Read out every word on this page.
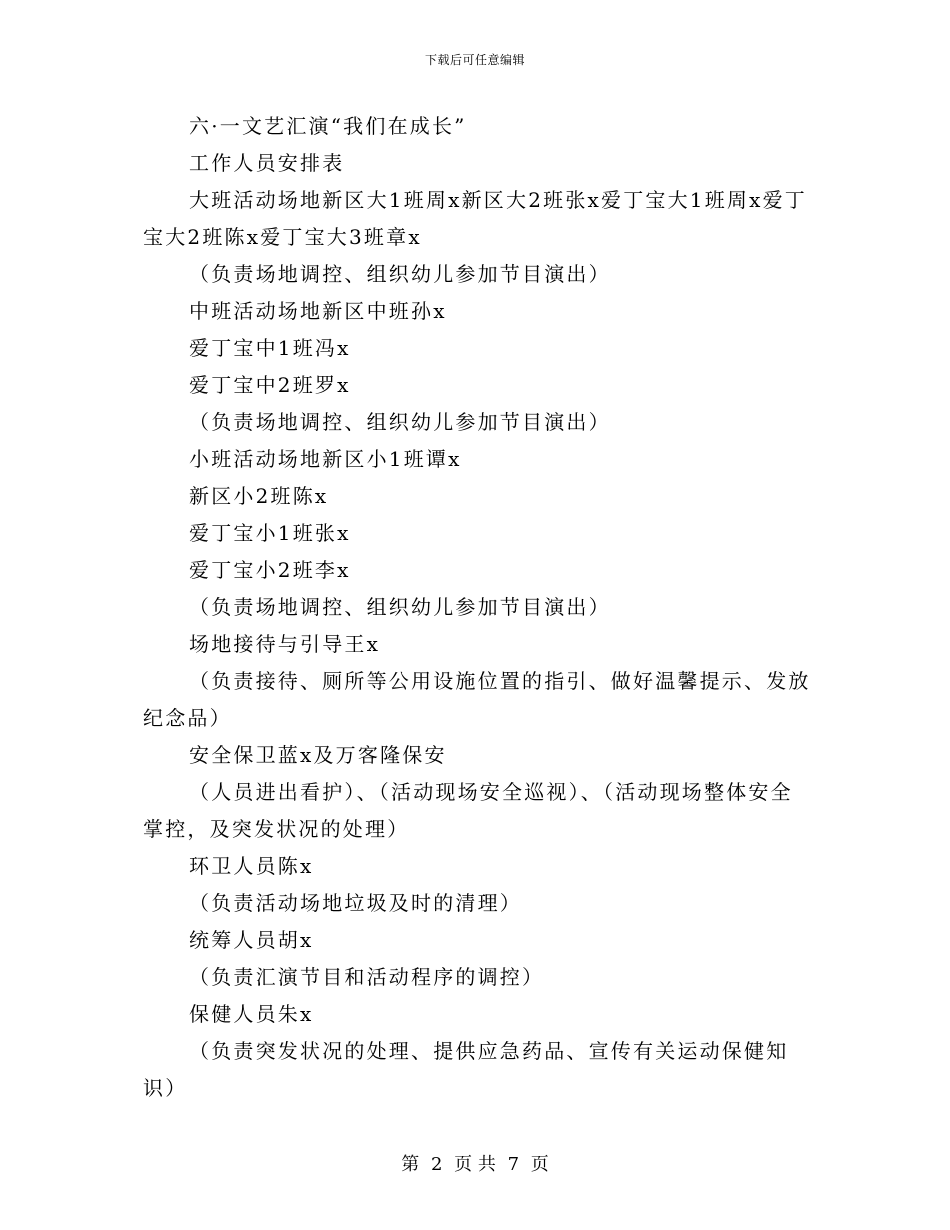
下载后可任意编辑

六·一文艺汇演“我们在成长”

工作人员安排表

大班活动场地新区大1班周x新区大2班张x爱丁宝大1班周x爱丁宝大2班陈x爱丁宝大3班章x

（负责场地调控、组织幼儿参加节目演出）

中班活动场地新区中班孙x

爱丁宝中1班冯x

爱丁宝中2班罗x

（负责场地调控、组织幼儿参加节目演出）

小班活动场地新区小1班谭x

新区小2班陈x

爱丁宝小1班张x

爱丁宝小2班李x

（负责场地调控、组织幼儿参加节目演出）

场地接待与引导王x

（负责接待、厕所等公用设施位置的指引、做好温馨提示、发放纪念品）

安全保卫蓝x及万客隆保安

（人员进出看护）、（活动现场安全巡视）、（活动现场整体安全掌控，及突发状况的处理）

环卫人员陈x

（负责活动场地垃圾及时的清理）

统筹人员胡x

（负责汇演节目和活动程序的调控）

保健人员朱x

（负责突发状况的处理、提供应急药品、宣传有关运动保健知识）

第 2 页 共 7 页
